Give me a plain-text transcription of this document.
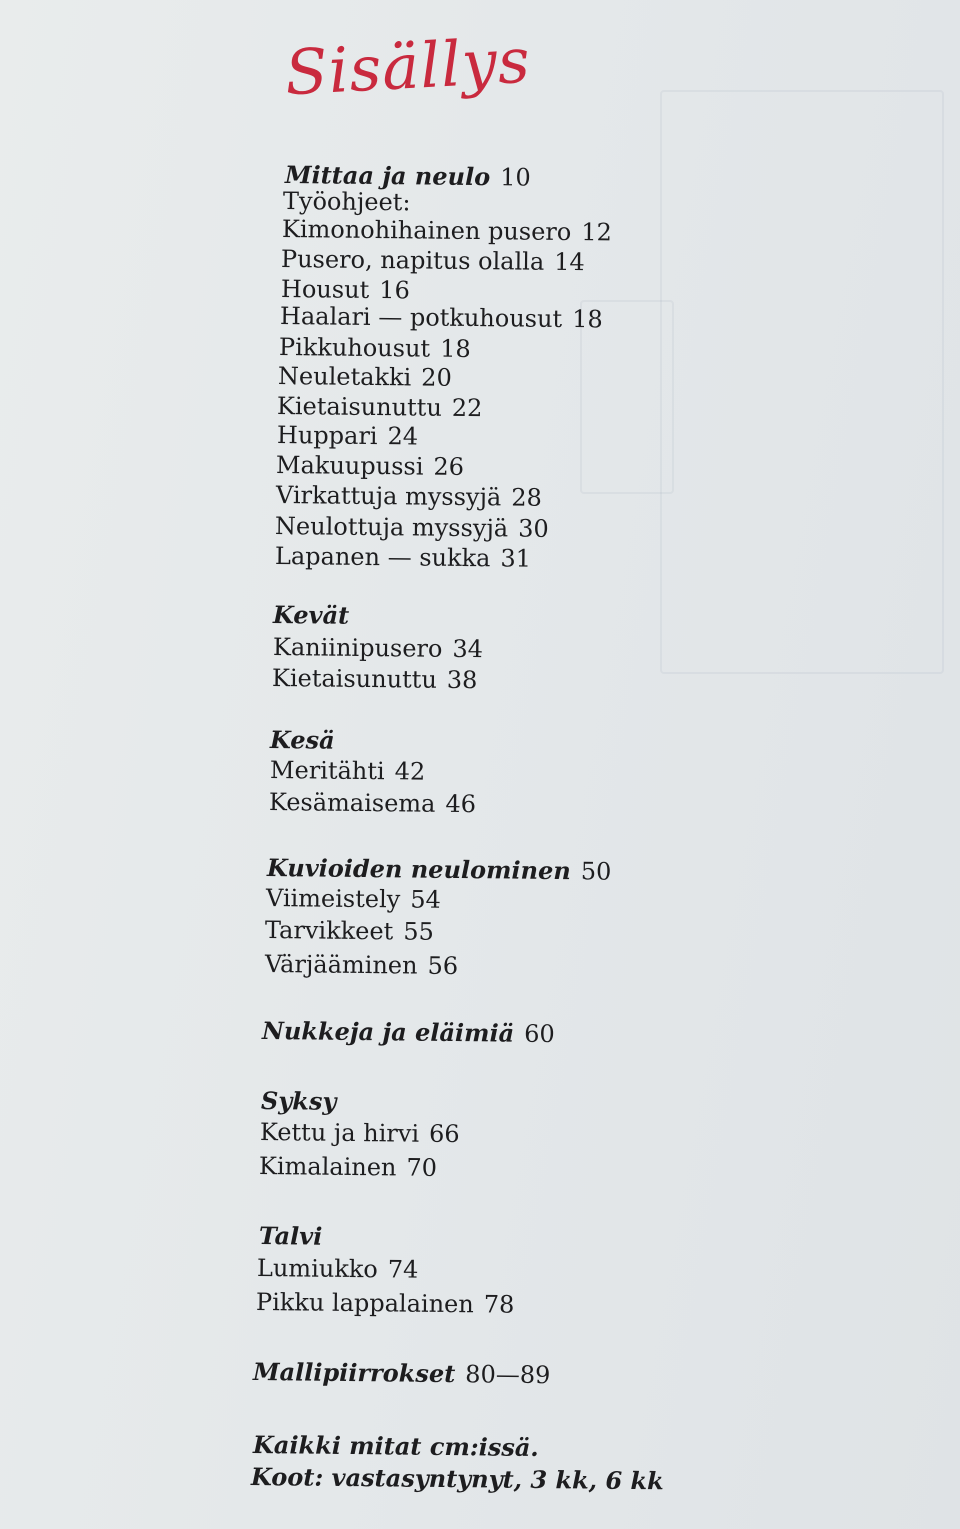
Sisällys
Mittaa ja neulo 10
Työohjeet:
Kimonohihainen pusero 12
Pusero, napitus olalla 14
Housut 16
Haalari — potkuhousut 18
Pikkuhousut 18
Neuletakki 20
Kietaisunuttu 22
Huppari 24
Makuupussi 26
Virkattuja myssyjä 28
Neulottuja myssyjä 30
Lapanen — sukka 31
Kevät
Kaniinipusero 34
Kietaisunuttu 38
Kesä
Meritähti 42
Kesämaisema 46
Kuvioiden neulominen 50
Viimeistely 54
Tarvikkeet 55
Värjääminen 56
Nukkeja ja eläimiä 60
Syksy
Kettu ja hirvi 66
Kimalainen 70
Talvi
Lumiukko 74
Pikku lappalainen 78
Mallipiirrokset 80—89
Kaikki mitat cm:issä.
Koot: vastasyntynyt, 3 kk, 6 kk
